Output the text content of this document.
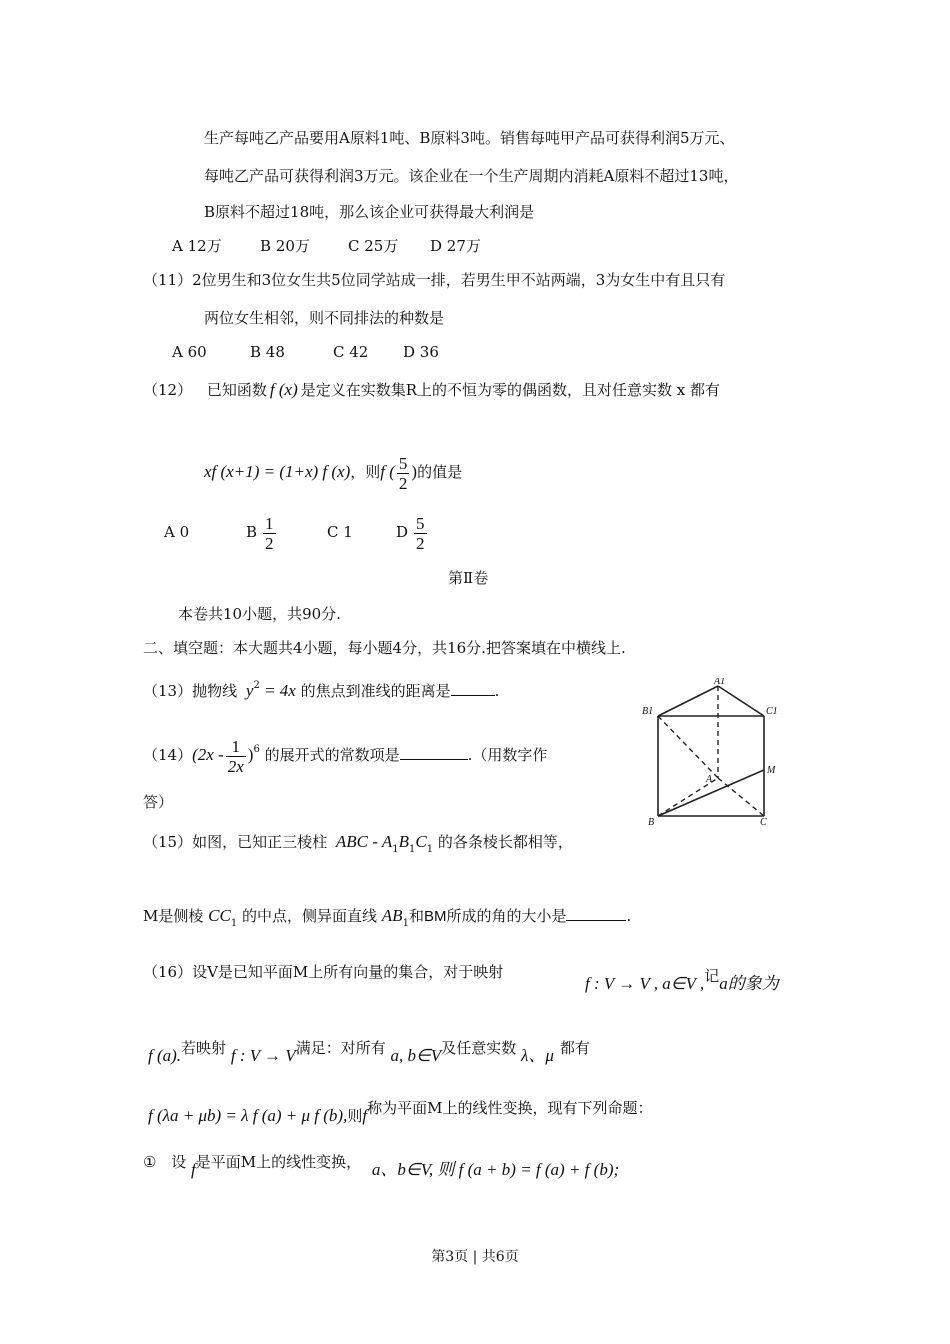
生产每吨乙产品要用A原料1吨、B原料3吨。销售每吨甲产品可获得利润5万元、
每吨乙产品可获得利润3万元。该企业在一个生产周期内消耗A原料不超过13吨，
B原料不超过18吨，那么该企业可获得最大利润是
A 12万	B 20万	C 25万 D 27万
（11）2位男生和3位女生共5位同学站成一排，若男生甲不站两端，3为女生中有且只有
两位女生相邻，则不同排法的种数是
A 60	B 48	C 42 D 36
（12） 已知函数 f (x) 是定义在实数集R上的不恒为零的偶函数，且对任意实数 x 都有
xf (x+1) = (1+x) f (x)，则f ( $\frac{5}{2}$ )的值是
A 0	B $\frac{1}{2}$	C 1	D $\frac{5}{2}$
第Ⅱ卷
本卷共10小题，共90分.
二、填空题：本大题共4小题，每小题4分，共16分.把答案填在中横线上.
（13）抛物线 $y^2 = 4x$ 的焦点到准线的距离是	.
$(14)(2x - \frac{1}{2x} )^6$ 的展开式的常数项是	.（用数字作
答）
（15）如图，已知正三棱柱 ABC - $A_1B_1C_1$ 的各条棱长都相等，
M是侧棱 $CC_1$ 的中点，侧异面直线 $AB_1$和BM所成的角的大小是	.
A1
B1	C1
A
M
B	C
（16）设V是已知平面M上所有向量的集合，对于映射
f : V → V , a∈V ,记a的象为
f (a).若映射 f : V → V满足：对所有 a, b∈V及任意实数 λ、μ 都有
f (λa + μb) = λ f (a) + μ f (b),则f称为平面M上的线性变换，现有下列命题：
① 设 f是平面M上的线性变换， a、b∈V, 则 f (a + b) = f (a) + f (b);
第3页 | 共6页
